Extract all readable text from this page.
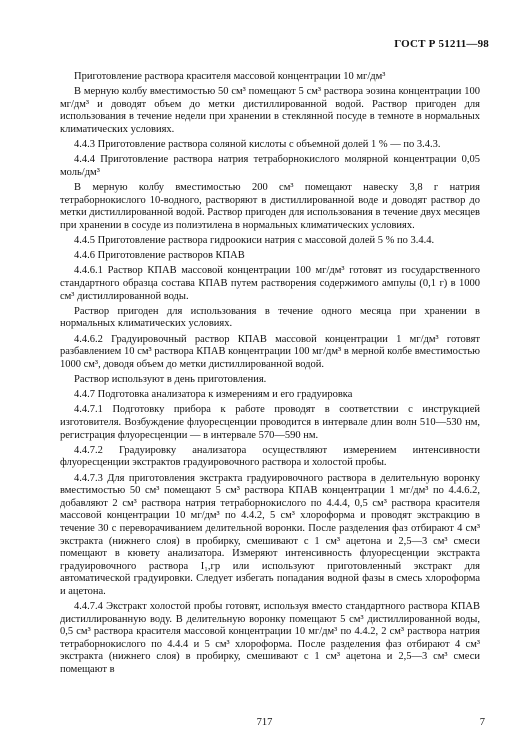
ГОСТ Р 51211—98

Приготовление раствора красителя массовой концентрации 10 мг/дм³

В мерную колбу вместимостью 50 см³ помещают 5 см³ раствора эозина концентрации 100 мг/дм³ и доводят объем до метки дистиллированной водой. Раствор пригоден для использования в течение недели при хранении в стеклянной посуде в темноте в нормальных климатических условиях.

4.4.3 Приготовление раствора соляной кислоты с объемной долей 1 % — по 3.4.3.

4.4.4 Приготовление раствора натрия тетраборнокислого молярной концентрации 0,05 моль/дм³

В мерную колбу вместимостью 200 см³ помещают навеску 3,8 г натрия тетраборнокислого 10-водного, растворяют в дистиллированной воде и доводят раствор до метки дистиллированной водой. Раствор пригоден для использования в течение двух месяцев при хранении в сосуде из полиэтилена в нормальных климатических условиях.

4.4.5 Приготовление раствора гидроокиси натрия с массовой долей 5 % по 3.4.4.

4.4.6 Приготовление растворов КПАВ

4.4.6.1 Раствор КПАВ массовой концентрации 100 мг/дм³ готовят из государственного стандартного образца состава КПАВ путем растворения содержимого ампулы (0,1 г) в 1000 см³ дистиллированной воды.

Раствор пригоден для использования в течение одного месяца при хранении в нормальных климатических условиях.

4.4.6.2 Градуировочный раствор КПАВ массовой концентрации 1 мг/дм³ готовят разбавлением 10 см³ раствора КПАВ концентрации 100 мг/дм³ в мерной колбе вместимостью 1000 см³, доводя объем до метки дистиллированной водой.

Раствор используют в день приготовления.

4.4.7 Подготовка анализатора к измерениям и его градуировка

4.4.7.1 Подготовку прибора к работе проводят в соответствии с инструкцией изготовителя. Возбуждение флуоресценции проводится в интервале длин волн 510—530 нм, регистрация флуоресценции — в интервале 570—590 нм.

4.4.7.2 Градуировку анализатора осуществляют измерением интенсивности флуоресценции экстрактов градуировочного раствора и холостой пробы.

4.4.7.3 Для приготовления экстракта градуировочного раствора в делительную воронку вместимостью 50 см³ помещают 5 см³ раствора КПАВ концентрации 1 мг/дм³ по 4.4.6.2, добавляют 2 см³ раствора натрия тетраборнокислого по 4.4.4, 0,5 см³ раствора красителя массовой концентрации 10 мг/дм³ по 4.4.2, 5 см³ хлороформа и проводят экстракцию в течение 30 с переворачиванием делительной воронки. После разделения фаз отбирают 4 см³ экстракта (нижнего слоя) в пробирку, смешивают с 1 см³ ацетона и 2,5—3 см³ смеси помещают в кювету анализатора. Измеряют интенсивность флуоресценции экстракта градуировочного раствора I₁,гр или используют приготовленный экстракт для автоматической градуировки. Следует избегать попадания водной фазы в смесь хлороформа и ацетона.

4.4.7.4 Экстракт холостой пробы готовят, используя вместо стандартного раствора КПАВ дистиллированную воду. В делительную воронку помещают 5 см³ дистиллированной воды, 0,5 см³ раствора красителя массовой концентрации 10 мг/дм³ по 4.4.2, 2 см³ раствора натрия тетраборнокислого по 4.4.4 и 5 см³ хлороформа. После разделения фаз отбирают 4 см³ экстракта (нижнего слоя) в пробирку, смешивают с 1 см³ ацетона и 2,5—3 см³ смеси помещают в

717	7
